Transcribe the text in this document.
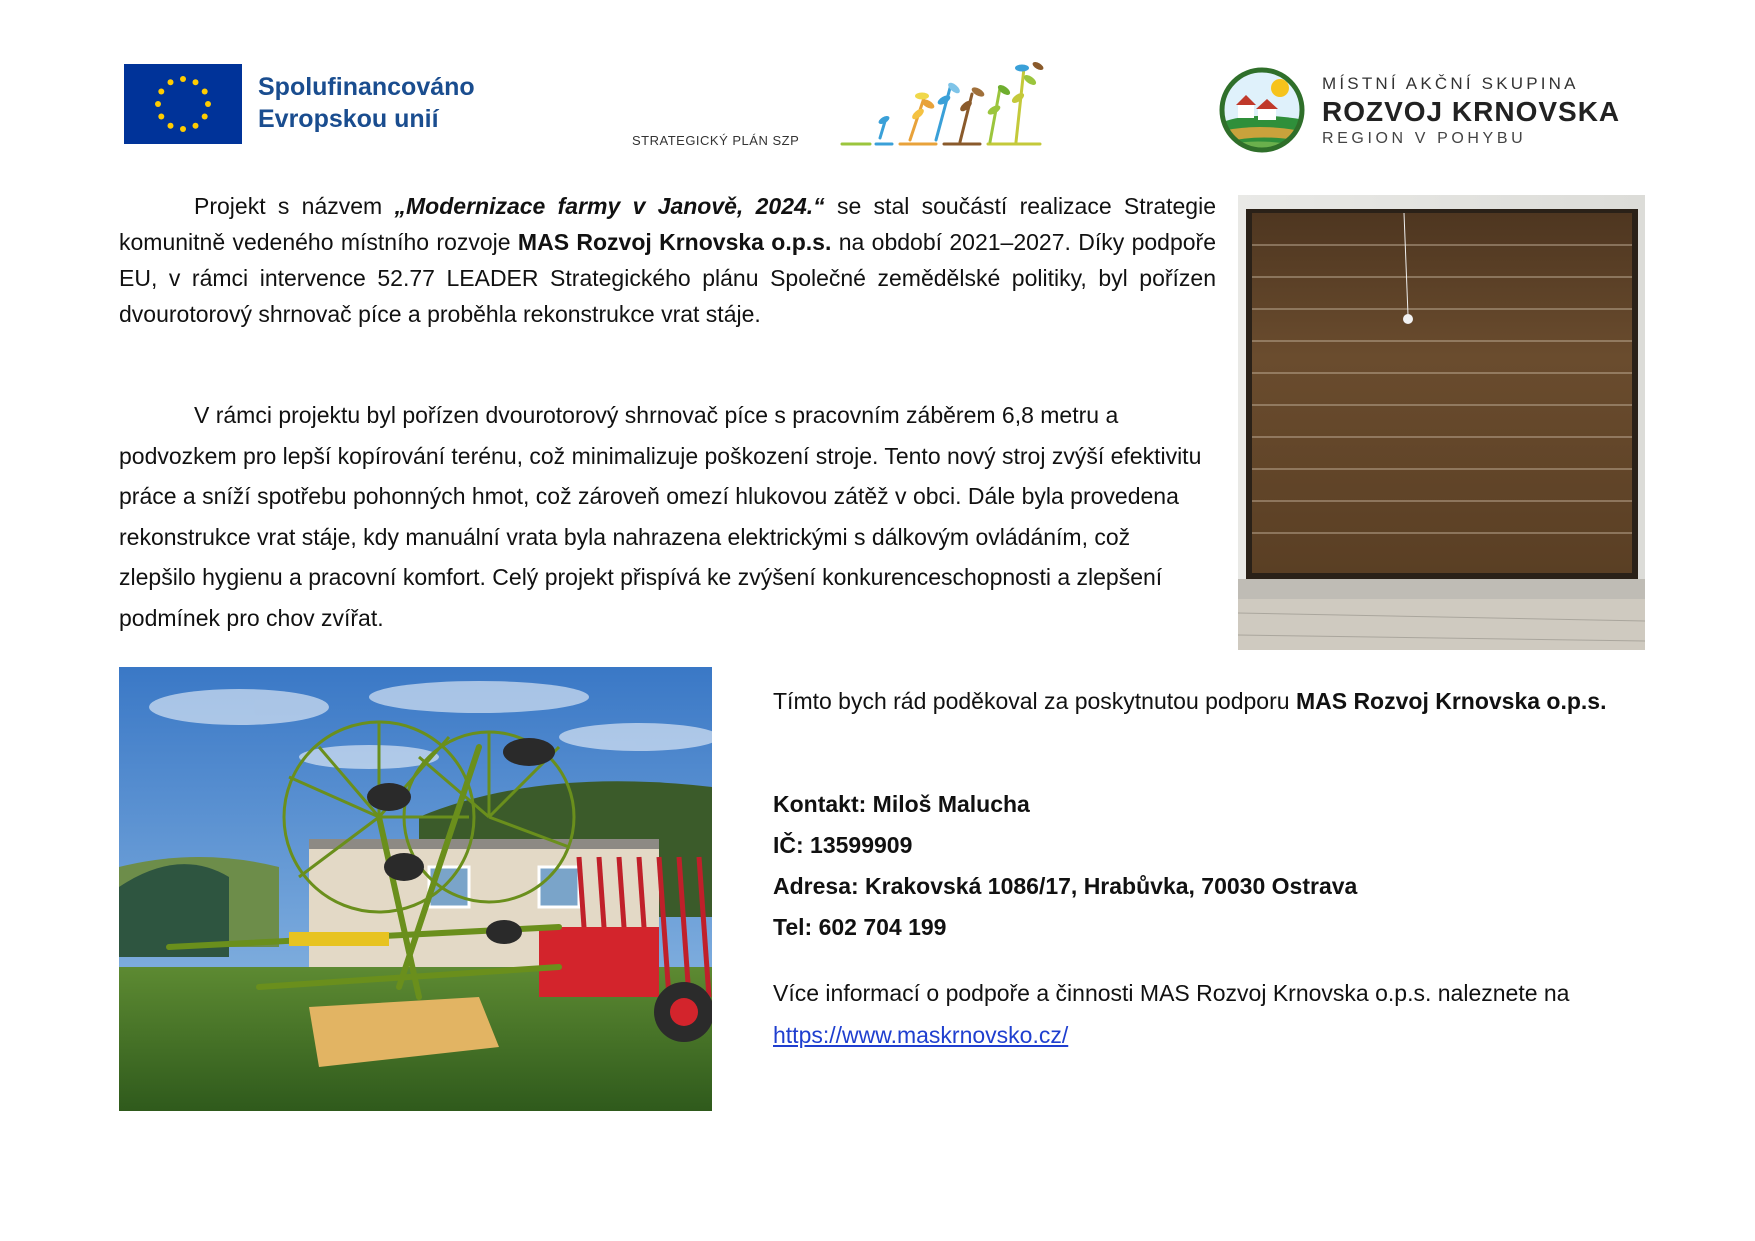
Spolufinancováno
Evropskou unií
STRATEGICKÝ PLÁN SZP
MÍSTNÍ AKČNÍ SKUPINA
ROZVOJ KRNOVSKA
REGION V POHYBU

Projekt s názvem „Modernizace farmy v Janově, 2024.“ se stal součástí realizace Strategie komunitně vedeného místního rozvoje MAS Rozvoj Krnovska o.p.s. na období 2021–2027. Díky podpoře EU, v rámci intervence 52.77 LEADER Strategického plánu Společné zemědělské politiky, byl pořízen dvourotorový shrnovač píce a proběhla rekonstrukce vrat stáje.

V rámci projektu byl pořízen dvourotorový shrnovač píce s pracovním záběrem 6,8 metru a podvozkem pro lepší kopírování terénu, což minimalizuje poškození stroje. Tento nový stroj zvýší efektivitu práce a sníží spotřebu pohonných hmot, což zároveň omezí hlukovou zátěž v obci. Dále byla provedena rekonstrukce vrat stáje, kdy manuální vrata byla nahrazena elektrickými s dálkovým ovládáním, což zlepšilo hygienu a pracovní komfort. Celý projekt přispívá ke zvýšení konkurenceschopnosti a zlepšení podmínek pro chov zvířat.

Tímto bych rád poděkoval za poskytnutou podporu MAS Rozvoj Krnovska o.p.s.

Kontakt: Miloš Malucha
IČ: 13599909
Adresa: Krakovská 1086/17, Hrabůvka, 70030 Ostrava
Tel: 602 704 199

Více informací o podpoře a činnosti MAS Rozvoj Krnovska o.p.s. naleznete na https://www.maskrnovsko.cz/
